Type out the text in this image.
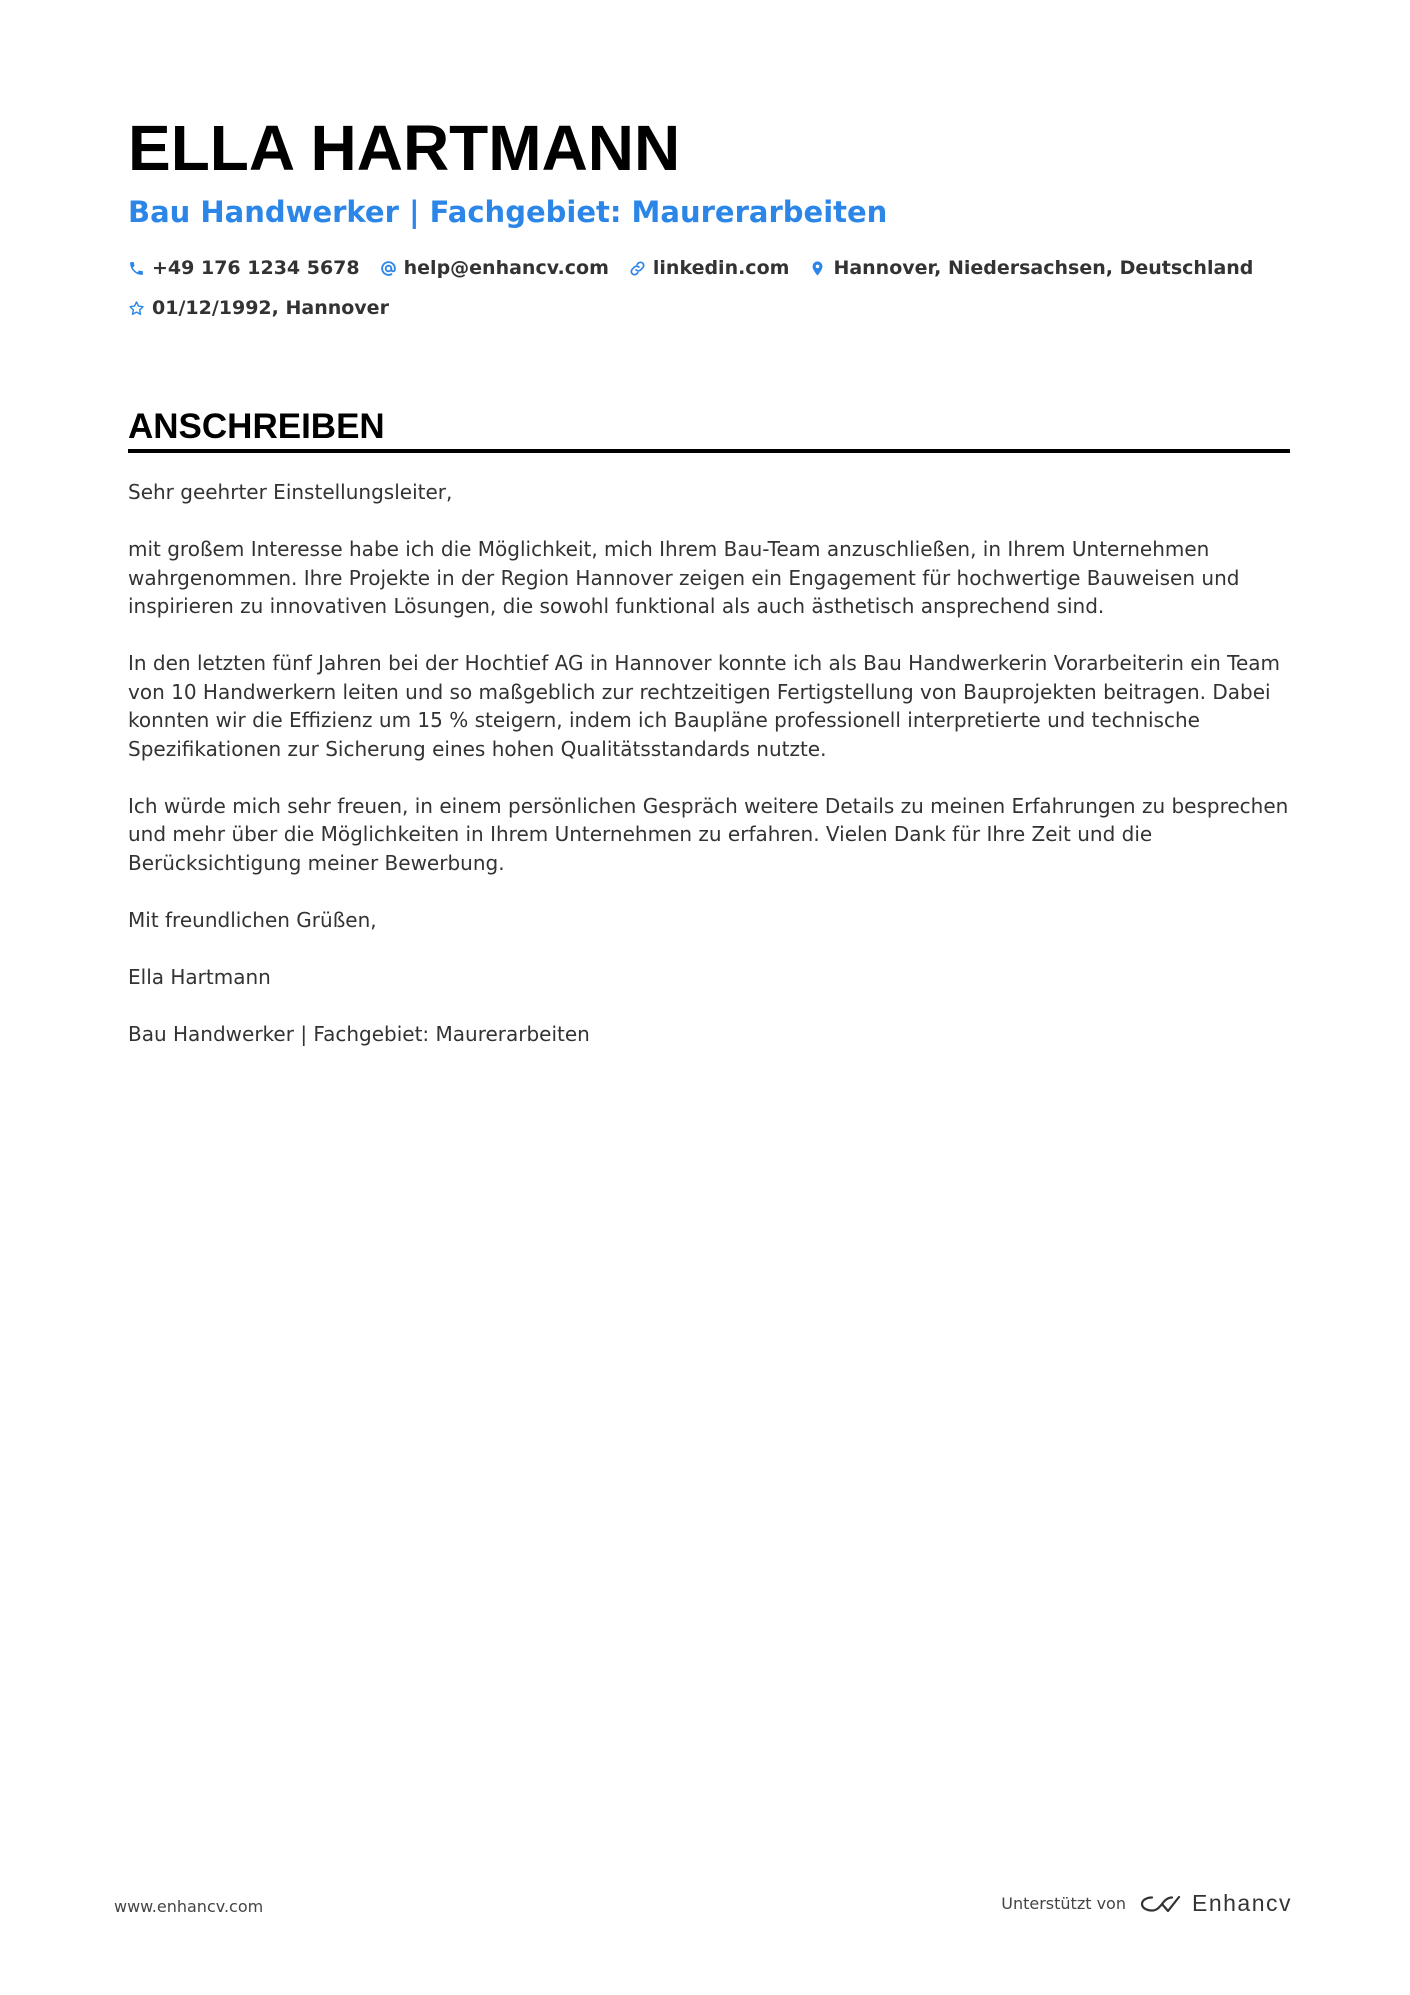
ELLA HARTMANN
Bau Handwerker | Fachgebiet: Maurerarbeiten
+49 176 1234 5678 help@enhancv.com linkedin.com Hannover, Niedersachsen, Deutschland
01/12/1992, Hannover
ANSCHREIBEN

Sehr geehrter Einstellungsleiter,

mit großem Interesse habe ich die Möglichkeit, mich Ihrem Bau-Team anzuschließen, in Ihrem Unternehmen wahrgenommen. Ihre Projekte in der Region Hannover zeigen ein Engagement für hochwertige Bauweisen und inspirieren zu innovativen Lösungen, die sowohl funktional als auch ästhetisch ansprechend sind.

In den letzten fünf Jahren bei der Hochtief AG in Hannover konnte ich als Bau Handwerkerin Vorarbeiterin ein Team von 10 Handwerkern leiten und so maßgeblich zur rechtzeitigen Fertigstellung von Bauprojekten beitragen. Dabei konnten wir die Effizienz um 15 % steigern, indem ich Baupläne professionell interpretierte und technische Spezifikationen zur Sicherung eines hohen Qualitätsstandards nutzte.

Ich würde mich sehr freuen, in einem persönlichen Gespräch weitere Details zu meinen Erfahrungen zu besprechen und mehr über die Möglichkeiten in Ihrem Unternehmen zu erfahren. Vielen Dank für Ihre Zeit und die Berücksichtigung meiner Bewerbung.

Mit freundlichen Grüßen,

Ella Hartmann

Bau Handwerker | Fachgebiet: Maurerarbeiten

www.enhancv.com	Unterstützt von	Enhancv
